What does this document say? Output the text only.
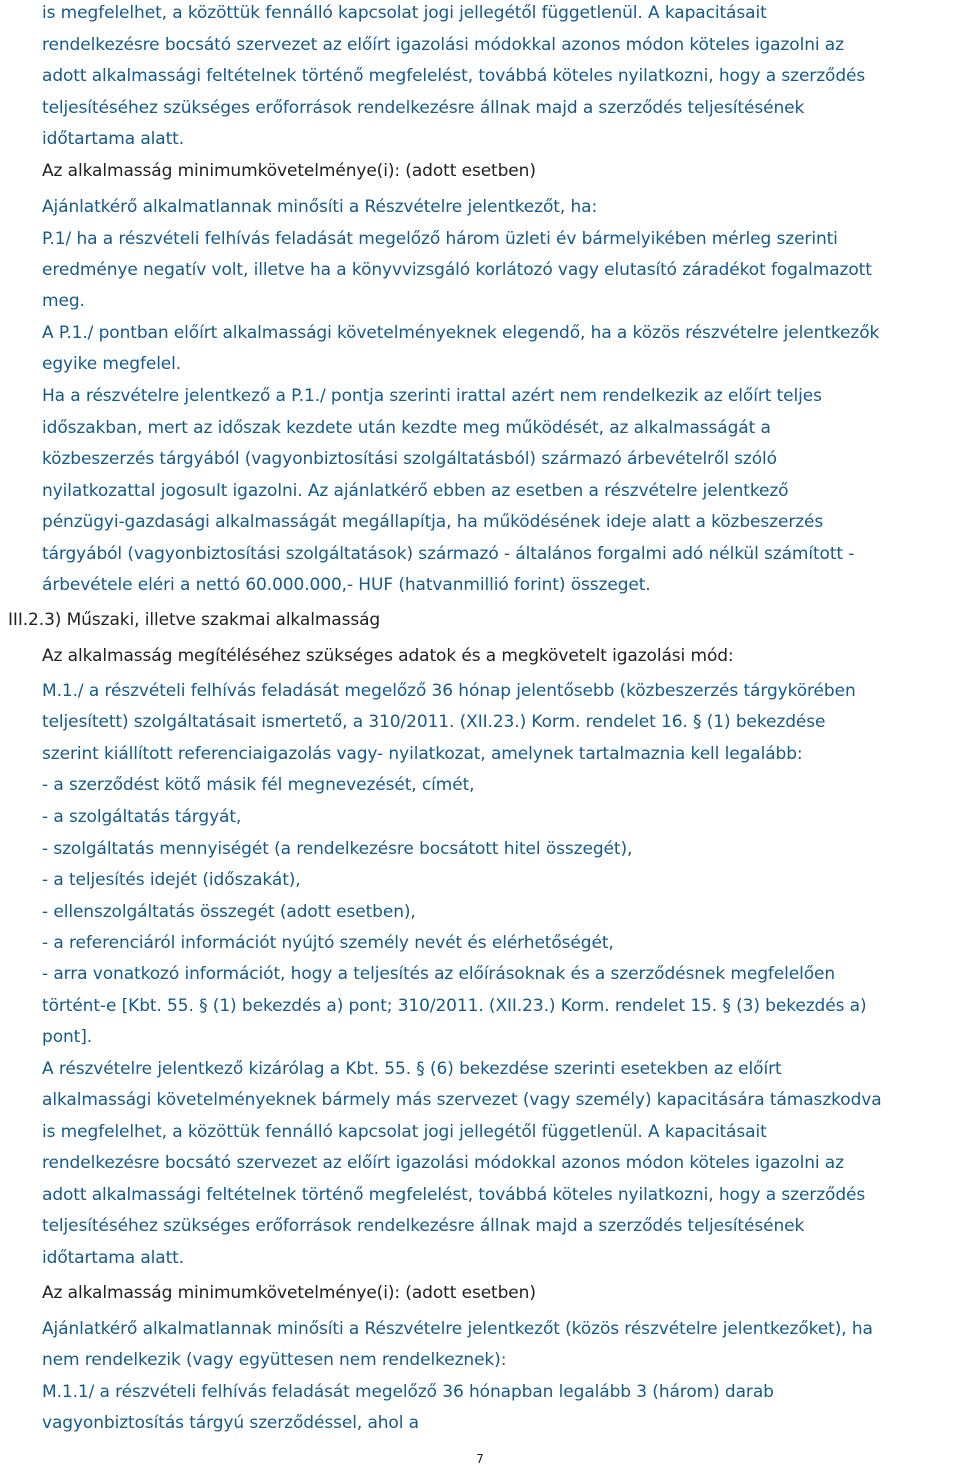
is megfelelhet, a közöttük fennálló kapcsolat jogi jellegétől függetlenül. A kapacitásait
rendelkezésre bocsátó szervezet az előírt igazolási módokkal azonos módon köteles igazolni az
adott alkalmassági feltételnek történő megfelelést, továbbá köteles nyilatkozni, hogy a szerződés
teljesítéséhez szükséges erőforrások rendelkezésre állnak majd a szerződés teljesítésének
időtartama alatt.
Az alkalmasság minimumkövetelménye(i): (adott esetben)
Ajánlatkérő alkalmatlannak minősíti a Részvételre jelentkezőt, ha:
P.1/ ha a részvételi felhívás feladását megelőző három üzleti év bármelyikében mérleg szerinti
eredménye negatív volt, illetve ha a könyvvizsgáló korlátozó vagy elutasító záradékot fogalmazott
meg.
A P.1./ pontban előírt alkalmassági követelményeknek elegendő, ha a közös részvételre jelentkezők
egyike megfelel.
Ha a részvételre jelentkező a P.1./ pontja szerinti irattal azért nem rendelkezik az előírt teljes
időszakban, mert az időszak kezdete után kezdte meg működését, az alkalmasságát a
közbeszerzés tárgyából (vagyonbiztosítási szolgáltatásból) származó árbevételről szóló
nyilatkozattal jogosult igazolni. Az ajánlatkérő ebben az esetben a részvételre jelentkező
pénzügyi-gazdasági alkalmasságát megállapítja, ha működésének ideje alatt a közbeszerzés
tárgyából (vagyonbiztosítási szolgáltatások) származó - általános forgalmi adó nélkül számított -
árbevétele eléri a nettó 60.000.000,- HUF (hatvanmillió forint) összeget.
III.2.3) Műszaki, illetve szakmai alkalmasság
Az alkalmasság megítéléséhez szükséges adatok és a megkövetelt igazolási mód:
M.1./ a részvételi felhívás feladását megelőző 36 hónap jelentősebb (közbeszerzés tárgykörében
teljesített) szolgáltatásait ismertető, a 310/2011. (XII.23.) Korm. rendelet 16. § (1) bekezdése
szerint kiállított referenciaigazolás vagy- nyilatkozat, amelynek tartalmaznia kell legalább:
- a szerződést kötő másik fél megnevezését, címét,
- a szolgáltatás tárgyát,
- szolgáltatás mennyiségét (a rendelkezésre bocsátott hitel összegét),
- a teljesítés idejét (időszakát),
- ellenszolgáltatás összegét (adott esetben),
- a referenciáról információt nyújtó személy nevét és elérhetőségét,
- arra vonatkozó információt, hogy a teljesítés az előírásoknak és a szerződésnek megfelelően
történt-e [Kbt. 55. § (1) bekezdés a) pont; 310/2011. (XII.23.) Korm. rendelet 15. § (3) bekezdés a)
pont].
A részvételre jelentkező kizárólag a Kbt. 55. § (6) bekezdése szerinti esetekben az előírt
alkalmassági követelményeknek bármely más szervezet (vagy személy) kapacitására támaszkodva
is megfelelhet, a közöttük fennálló kapcsolat jogi jellegétől függetlenül. A kapacitásait
rendelkezésre bocsátó szervezet az előírt igazolási módokkal azonos módon köteles igazolni az
adott alkalmassági feltételnek történő megfelelést, továbbá köteles nyilatkozni, hogy a szerződés
teljesítéséhez szükséges erőforrások rendelkezésre állnak majd a szerződés teljesítésének
időtartama alatt.
Az alkalmasság minimumkövetelménye(i): (adott esetben)
Ajánlatkérő alkalmatlannak minősíti a Részvételre jelentkezőt (közös részvételre jelentkezőket), ha
nem rendelkezik (vagy együttesen nem rendelkeznek):
M.1.1/ a részvételi felhívás feladását megelőző 36 hónapban legalább 3 (három) darab
vagyonbiztosítás tárgyú szerződéssel, ahol a
7
